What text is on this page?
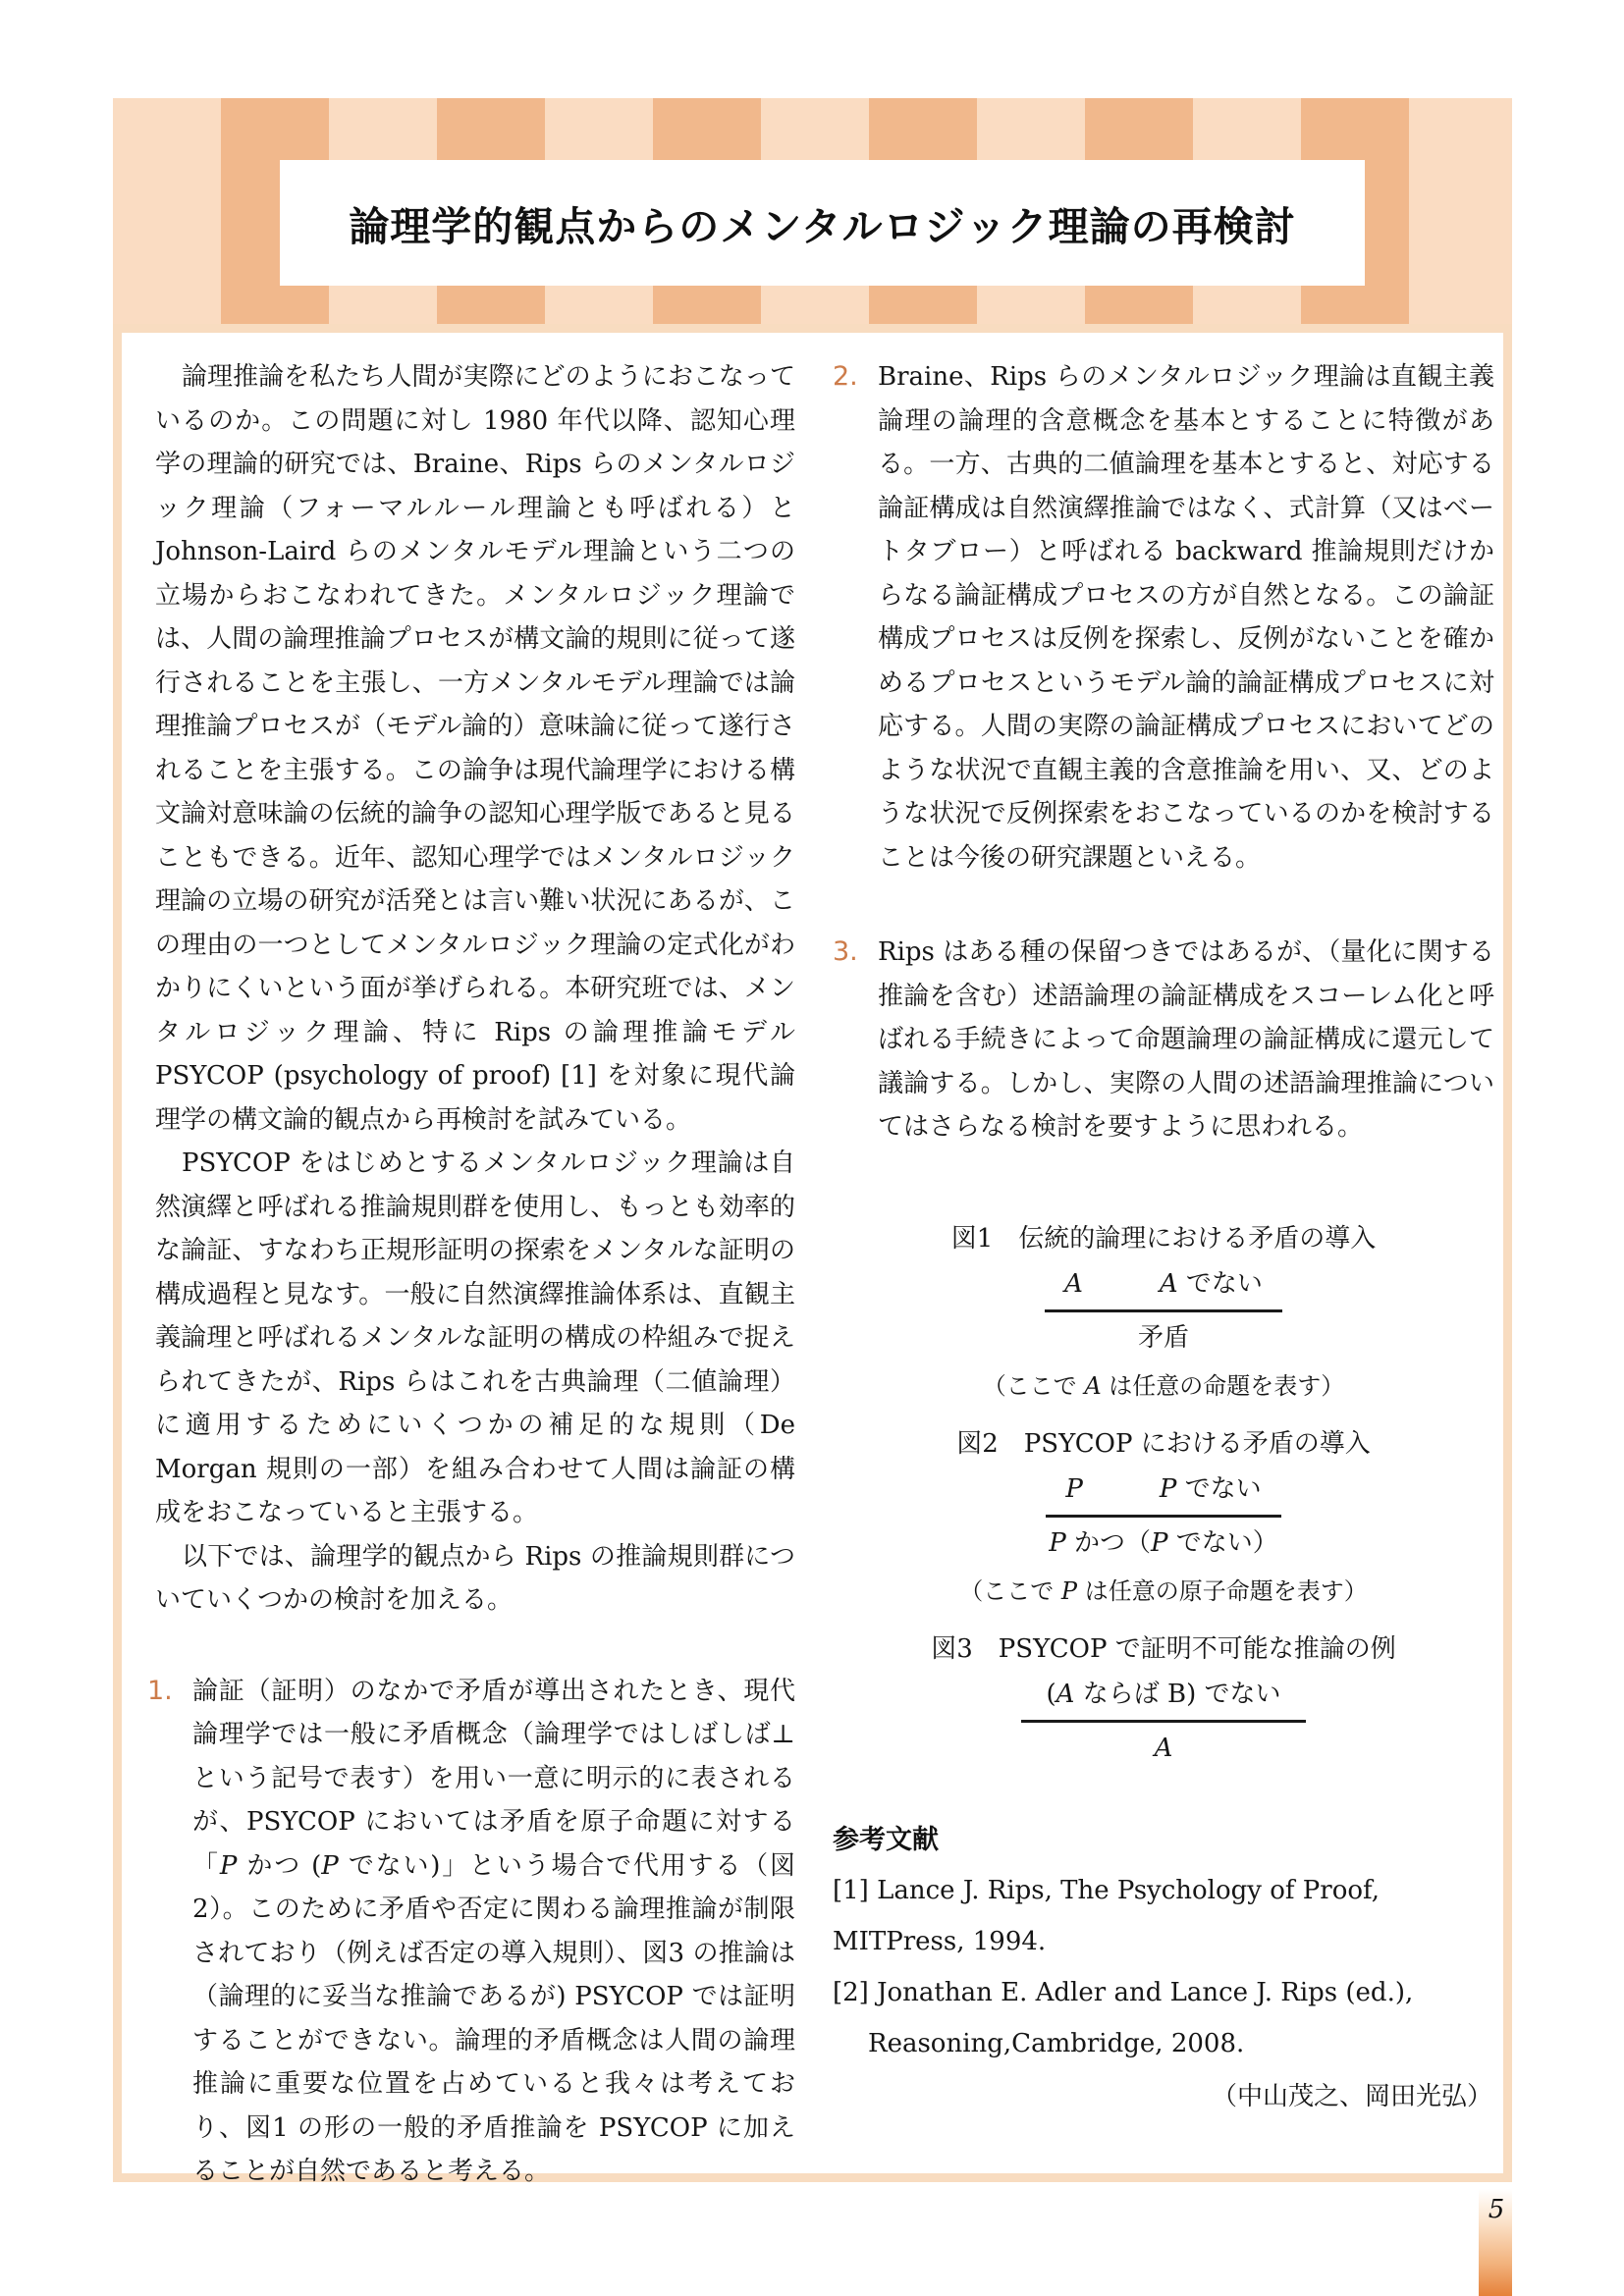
論理学的観点からのメンタルロジック理論の再検討

論理推論を私たち人間が実際にどのようにおこなっているのか。この問題に対し 1980 年代以降、認知心理学の理論的研究では、Braine、Rips らのメンタルロジック理論（フォーマルルール理論とも呼ばれる）と Johnson-Laird らのメンタルモデル理論という二つの立場からおこなわれてきた。メンタルロジック理論では、人間の論理推論プロセスが構文論的規則に従って遂行されることを主張し、一方メンタルモデル理論では論理推論プロセスが（モデル論的）意味論に従って遂行されることを主張する。この論争は現代論理学における構文論対意味論の伝統的論争の認知心理学版であると見ることもできる。近年、認知心理学ではメンタルロジック理論の立場の研究が活発とは言い難い状況にあるが、この理由の一つとしてメンタルロジック理論の定式化がわかりにくいという面が挙げられる。本研究班では、メンタルロジック理論、特に Rips の論理推論モデル PSYCOP (psychology of proof) [1] を対象に現代論理学の構文論的観点から再検討を試みている。

PSYCOP をはじめとするメンタルロジック理論は自然演繹と呼ばれる推論規則群を使用し、もっとも効率的な論証、すなわち正規形証明の探索をメンタルな証明の構成過程と見なす。一般に自然演繹推論体系は、直観主義論理と呼ばれるメンタルな証明の構成の枠組みで捉えられてきたが、Rips らはこれを古典論理（二値論理）に適用するためにいくつかの補足的な規則（De Morgan 規則の一部）を組み合わせて人間は論証の構成をおこなっていると主張する。

以下では、論理学的観点から Rips の推論規則群についていくつかの検討を加える。

1. 論証（証明）のなかで矛盾が導出されたとき、現代論理学では一般に矛盾概念（論理学ではしばしば⊥という記号で表す）を用い一意に明示的に表されるが、PSYCOP においては矛盾を原子命題に対する「P かつ (P でない)」という場合で代用する（図2）。このために矛盾や否定に関わる論理推論が制限されており（例えば否定の導入規則）、図3 の推論は（論理的に妥当な推論であるが) PSYCOP では証明することができない。論理的矛盾概念は人間の論理推論に重要な位置を占めていると我々は考えており、図1 の形の一般的矛盾推論を PSYCOP に加えることが自然であると考える。
2. Braine、Rips らのメンタルロジック理論は直観主義論理の論理的含意概念を基本とすることに特徴がある。一方、古典的二値論理を基本とすると、対応する論証構成は自然演繹推論ではなく、式計算（又はベートタブロー）と呼ばれる backward 推論規則だけからなる論証構成プロセスの方が自然となる。この論証構成プロセスは反例を探索し、反例がないことを確かめるプロセスというモデル論的論証構成プロセスに対応する。人間の実際の論証構成プロセスにおいてどのような状況で直観主義的含意推論を用い、又、どのような状況で反例探索をおこなっているのかを検討することは今後の研究課題といえる。
3. Rips はある種の保留つきではあるが、（量化に関する推論を含む）述語論理の論証構成をスコーレム化と呼ばれる手続きによって命題論理の論証構成に還元して議論する。しかし、実際の人間の述語論理推論についてはさらなる検討を要すように思われる。
図1　伝統的論理における矛盾の導入
A	A でない
矛盾
（ここで A は任意の命題を表す）
図2　PSYCOP における矛盾の導入
P	P でない
P かつ（P でない）
（ここで P は任意の原子命題を表す）
図3　PSYCOP で証明不可能な推論の例
(A ならば B) でない
A
参考文献
[1] Lance J. Rips, The Psychology of Proof, MITPress, 1994.
[2] Jonathan E. Adler and Lance J. Rips (ed.),
Reasoning,Cambridge, 2008.
（中山茂之、岡田光弘）
5
